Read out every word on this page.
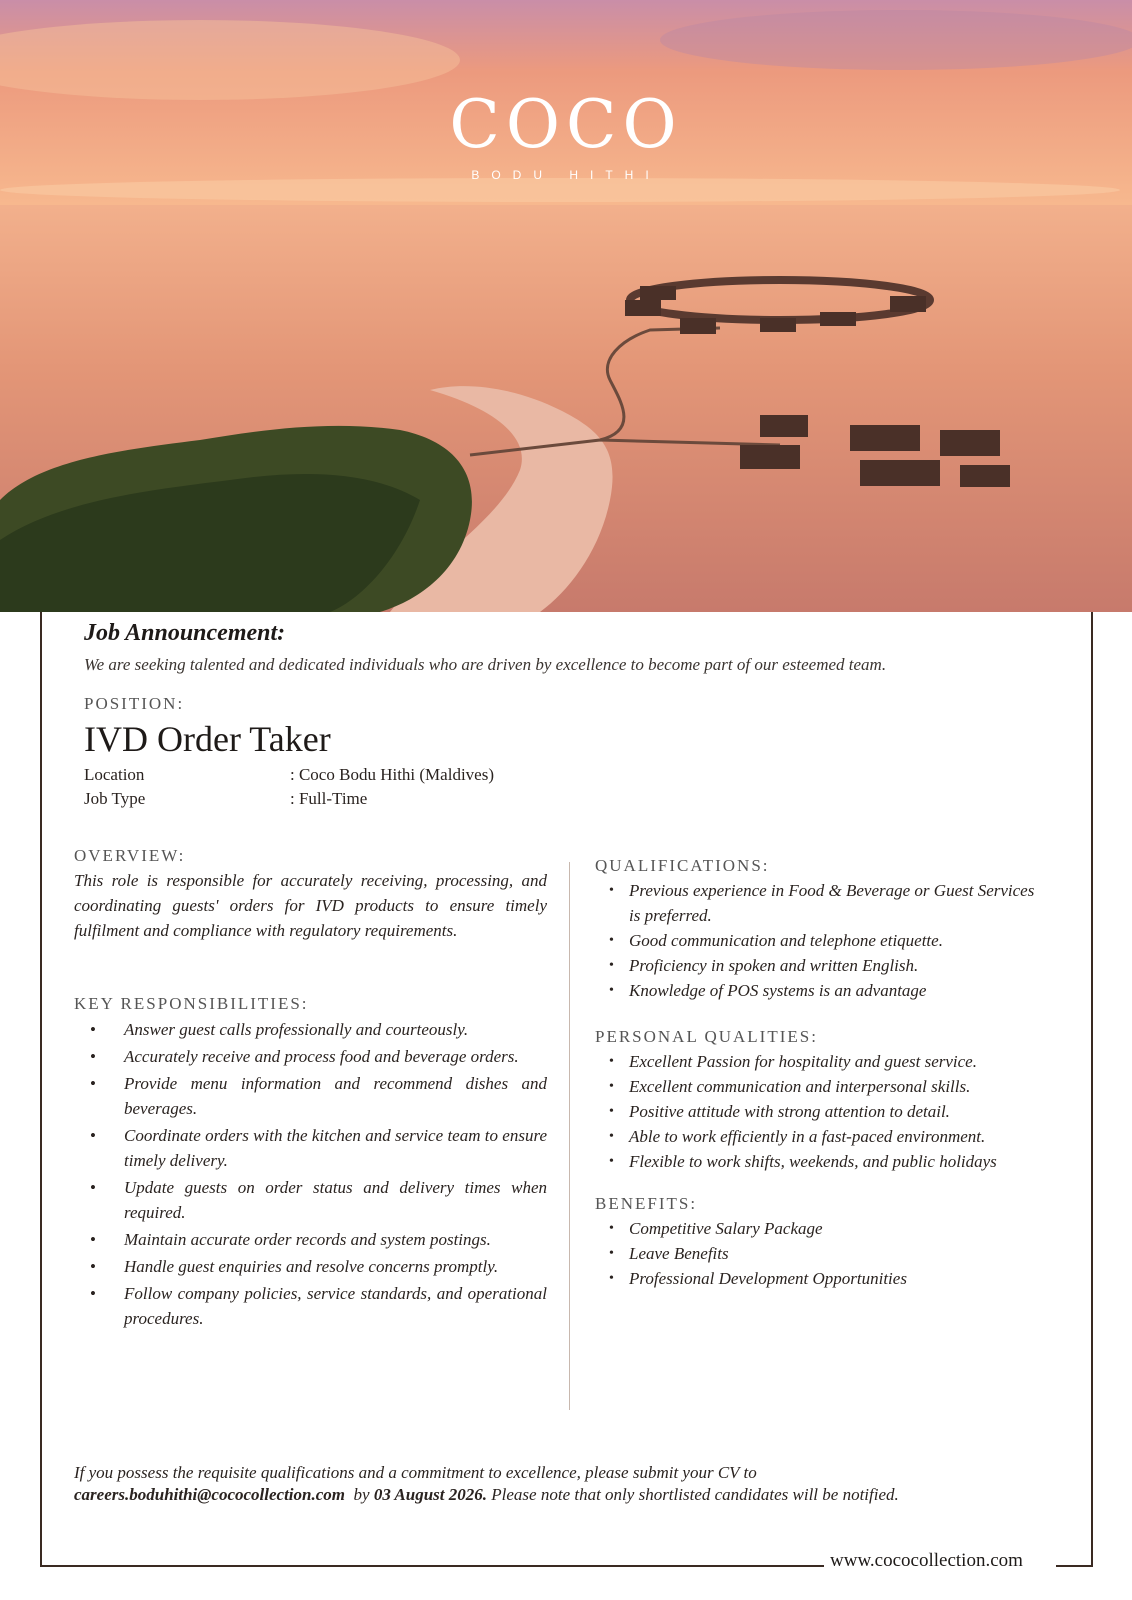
COCO
BODU HITHI
Job Announcement:
We are seeking talented and dedicated individuals who are driven by excellence to become part of our esteemed team.
POSITION:
IVD Order Taker
Location	: Coco Bodu Hithi (Maldives)
Job Type	: Full-Time
OVERVIEW:
This role is responsible for accurately receiving, processing, and coordinating guests' orders for IVD products to ensure timely fulfilment and compliance with regulatory requirements.
KEY RESPONSIBILITIES:
• Answer guest calls professionally and courteously.
• Accurately receive and process food and beverage orders.
• Provide menu information and recommend dishes and beverages.
• Coordinate orders with the kitchen and service team to ensure timely delivery.
• Update guests on order status and delivery times when required.
• Maintain accurate order records and system postings.
• Handle guest enquiries and resolve concerns promptly.
• Follow company policies, service standards, and operational procedures.
QUALIFICATIONS:
• Previous experience in Food & Beverage or Guest Services is preferred.
• Good communication and telephone etiquette.
• Proficiency in spoken and written English.
• Knowledge of POS systems is an advantage
PERSONAL QUALITIES:
• Excellent Passion for hospitality and guest service.
• Excellent communication and interpersonal skills.
• Positive attitude with strong attention to detail.
• Able to work efficiently in a fast-paced environment.
• Flexible to work shifts, weekends, and public holidays
BENEFITS:
• Competitive Salary Package
• Leave Benefits
• Professional Development Opportunities
If you possess the requisite qualifications and a commitment to excellence, please submit your CV to
careers.boduhithi@cococollection.com by 03 August 2026. Please note that only shortlisted candidates will be notified.
www.cococollection.com
